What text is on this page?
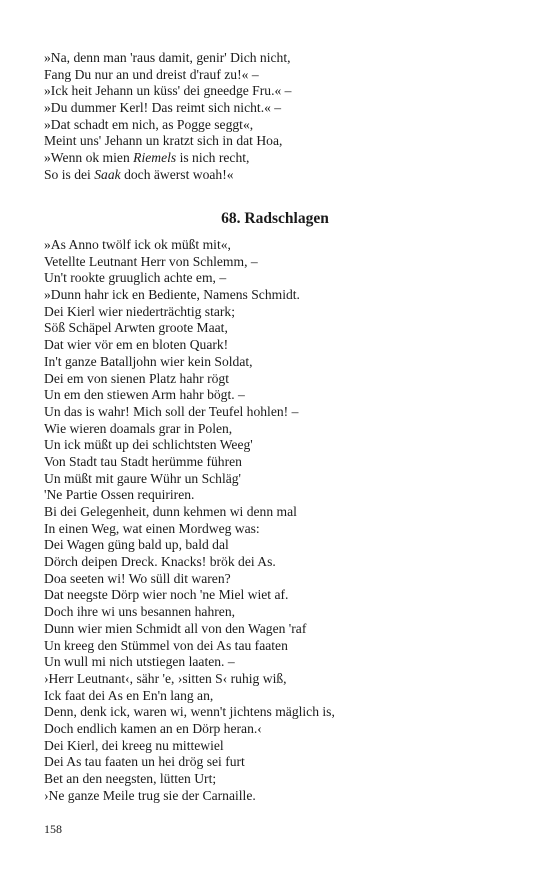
»Na, denn man 'raus damit, genir' Dich nicht,
Fang Du nur an und dreist d'rauf zu!« –
»Ick heit Jehann un küss' dei gneedge Fru.« –
»Du dummer Kerl! Das reimt sich nicht.« –
»Dat schadt em nich, as Pogge seggt«,
Meint uns' Jehann un kratzt sich in dat Hoa,
»Wenn ok mien Riemels is nich recht,
So is dei Saak doch äwerst woah!«
68. Radschlagen
»As Anno twölf ick ok müßt mit«,
Vetellte Leutnant Herr von Schlemm, –
Un't rookte gruuglich achte em, –
»Dunn hahr ick en Bediente, Namens Schmidt.
Dei Kierl wier niederträchtig stark;
Söß Schäpel Arwten groote Maat,
Dat wier vör em en bloten Quark!
In't ganze Batalljohn wier kein Soldat,
Dei em von sienen Platz hahr rögt
Un em den stiewen Arm hahr bögt. –
Un das is wahr! Mich soll der Teufel hohlen! –
Wie wieren doamals grar in Polen,
Un ick müßt up dei schlichtsten Weeg'
Von Stadt tau Stadt herümme führen
Un müßt mit gaure Wühr un Schläg'
'Ne Partie Ossen requiriren.
Bi dei Gelegenheit, dunn kehmen wi denn mal
In einen Weg, wat einen Mordweg was:
Dei Wagen güng bald up, bald dal
Dörch deipen Dreck. Knacks! brök dei As.
Doa seeten wi! Wo süll dit waren?
Dat neegste Dörp wier noch 'ne Miel wiet af.
Doch ihre wi uns besannen hahren,
Dunn wier mien Schmidt all von den Wagen 'raf
Un kreeg den Stümmel von dei As tau faaten
Un wull mi nich utstiegen laaten. –
›Herr Leutnant‹, sähr 'e, ›sitten S‹ ruhig wiß,
Ick faat dei As en En'n lang an,
Denn, denk ick, waren wi, wenn't jichtens mäglich is,
Doch endlich kamen an en Dörp heran.‹
Dei Kierl, dei kreeg nu mittewiel
Dei As tau faaten un hei drög sei furt
Bet an den neegsten, lütten Urt;
›Ne ganze Meile trug sie der Carnaille.
158
